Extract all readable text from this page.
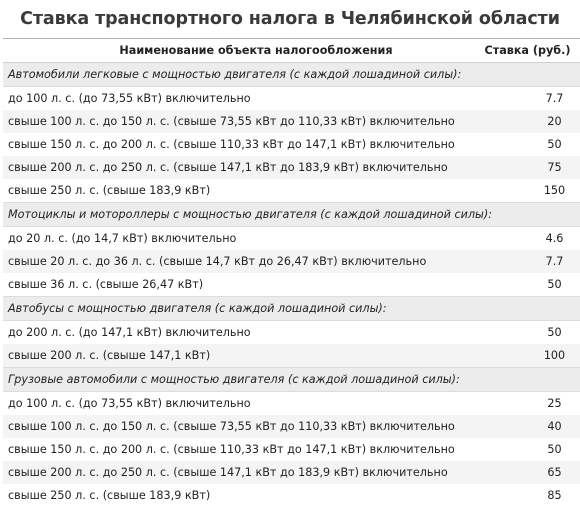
Ставка транспортного налога в Челябинской области
Наименование объекта налогообложения	Ставка (руб.)
Автомобили легковые с мощностью двигателя (с каждой лошадиной силы):	
до 100 л. с. (до 73,55 кВт) включительно	7.7
свыше 100 л. с. до 150 л. с. (свыше 73,55 кВт до 110,33 кВт) включительно	20
свыше 150 л. с. до 200 л. с. (свыше 110,33 кВт до 147,1 кВт) включительно	50
свыше 200 л. с. до 250 л. с. (свыше 147,1 кВт до 183,9 кВт) включительно	75
свыше 250 л. с. (свыше 183,9 кВт)	150
Мотоциклы и мотороллеры с мощностью двигателя (с каждой лошадиной силы):	
до 20 л. с. (до 14,7 кВт) включительно	4.6
свыше 20 л. с. до 36 л. с. (свыше 14,7 кВт до 26,47 кВт) включительно	7.7
свыше 36 л. с. (свыше 26,47 кВт)	50
Автобусы с мощностью двигателя (с каждой лошадиной силы):	
до 200 л. с. (до 147,1 кВт) включительно	50
свыше 200 л. с. (свыше 147,1 кВт)	100
Грузовые автомобили с мощностью двигателя (с каждой лошадиной силы):	
до 100 л. с. (до 73,55 кВт) включительно	25
свыше 100 л. с. до 150 л. с. (свыше 73,55 кВт до 110,33 кВт) включительно	40
свыше 150 л. с. до 200 л. с. (свыше 110,33 кВт до 147,1 кВт) включительно	50
свыше 200 л. с. до 250 л. с. (свыше 147,1 кВт до 183,9 кВт) включительно	65
свыше 250 л. с. (свыше 183,9 кВт)	85
